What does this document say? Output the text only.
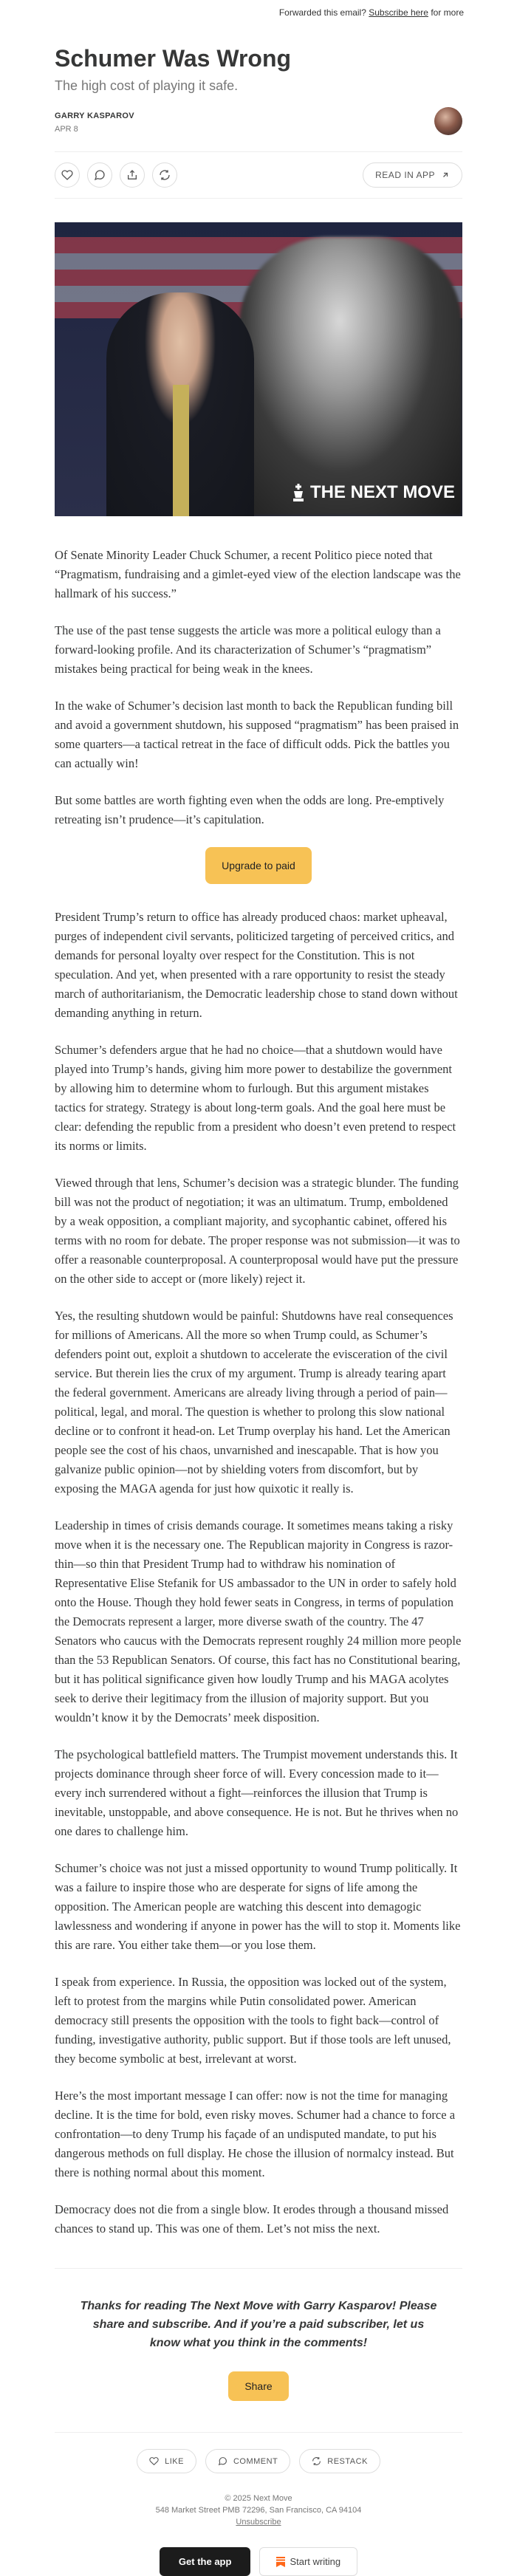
Forwarded this email? Subscribe here for more
Schumer Was Wrong
The high cost of playing it safe.
GARRY KASPAROV
APR 8
READ IN APP
THE NEXT MOVE

Of Senate Minority Leader Chuck Schumer, a recent Politico piece noted that “Pragmatism, fundraising and a gimlet-eyed view of the election landscape was the hallmark of his success.”

The use of the past tense suggests the article was more a political eulogy than a forward-looking profile. And its characterization of Schumer’s “pragmatism” mistakes being practical for being weak in the knees.

In the wake of Schumer’s decision last month to back the Republican funding bill and avoid a government shutdown, his supposed “pragmatism” has been praised in some quarters—a tactical retreat in the face of difficult odds. Pick the battles you can actually win!

But some battles are worth fighting even when the odds are long. Pre-emptively retreating isn’t prudence—it’s capitulation.

Upgrade to paid

President Trump’s return to office has already produced chaos: market upheaval, purges of independent civil servants, politicized targeting of perceived critics, and demands for personal loyalty over respect for the Constitution. This is not speculation. And yet, when presented with a rare opportunity to resist the steady march of authoritarianism, the Democratic leadership chose to stand down without demanding anything in return.

Schumer’s defenders argue that he had no choice—that a shutdown would have played into Trump’s hands, giving him more power to destabilize the government by allowing him to determine whom to furlough. But this argument mistakes tactics for strategy. Strategy is about long-term goals. And the goal here must be clear: defending the republic from a president who doesn’t even pretend to respect its norms or limits.

Viewed through that lens, Schumer’s decision was a strategic blunder. The funding bill was not the product of negotiation; it was an ultimatum. Trump, emboldened by a weak opposition, a compliant majority, and sycophantic cabinet, offered his terms with no room for debate. The proper response was not submission—it was to offer a reasonable counterproposal. A counterproposal would have put the pressure on the other side to accept or (more likely) reject it.

Yes, the resulting shutdown would be painful: Shutdowns have real consequences for millions of Americans. All the more so when Trump could, as Schumer’s defenders point out, exploit a shutdown to accelerate the evisceration of the civil service. But therein lies the crux of my argument. Trump is already tearing apart the federal government. Americans are already living through a period of pain—political, legal, and moral. The question is whether to prolong this slow national decline or to confront it head-on. Let Trump overplay his hand. Let the American people see the cost of his chaos, unvarnished and inescapable. That is how you galvanize public opinion—not by shielding voters from discomfort, but by exposing the MAGA agenda for just how quixotic it really is.

Leadership in times of crisis demands courage. It sometimes means taking a risky move when it is the necessary one. The Republican majority in Congress is razor-thin—so thin that President Trump had to withdraw his nomination of Representative Elise Stefanik for US ambassador to the UN in order to safely hold onto the House. Though they hold fewer seats in Congress, in terms of population the Democrats represent a larger, more diverse swath of the country. The 47 Senators who caucus with the Democrats represent roughly 24 million more people than the 53 Republican Senators. Of course, this fact has no Constitutional bearing, but it has political significance given how loudly Trump and his MAGA acolytes seek to derive their legitimacy from the illusion of majority support. But you wouldn’t know it by the Democrats’ meek disposition.

The psychological battlefield matters. The Trumpist movement understands this. It projects dominance through sheer force of will. Every concession made to it—every inch surrendered without a fight—reinforces the illusion that Trump is inevitable, unstoppable, and above consequence. He is not. But he thrives when no one dares to challenge him.

Schumer’s choice was not just a missed opportunity to wound Trump politically. It was a failure to inspire those who are desperate for signs of life among the opposition. The American people are watching this descent into demagogic lawlessness and wondering if anyone in power has the will to stop it. Moments like this are rare. You either take them—or you lose them.

I speak from experience. In Russia, the opposition was locked out of the system, left to protest from the margins while Putin consolidated power. American democracy still presents the opposition with the tools to fight back—control of funding, investigative authority, public support. But if those tools are left unused, they become symbolic at best, irrelevant at worst.

Here’s the most important message I can offer: now is not the time for managing decline. It is the time for bold, even risky moves. Schumer had a chance to force a confrontation—to deny Trump his façade of an undisputed mandate, to put his dangerous methods on full display. He chose the illusion of normalcy instead. But there is nothing normal about this moment.

Democracy does not die from a single blow. It erodes through a thousand missed chances to stand up. This was one of them. Let’s not miss the next.

Thanks for reading The Next Move with Garry Kasparov! Please share and subscribe. And if you’re a paid subscriber, let us know what you think in the comments!

Share
LIKE	COMMENT	RESTACK
© 2025 Next Move
548 Market Street PMB 72296, San Francisco, CA 94104
Unsubscribe
Get the app	Start writing
